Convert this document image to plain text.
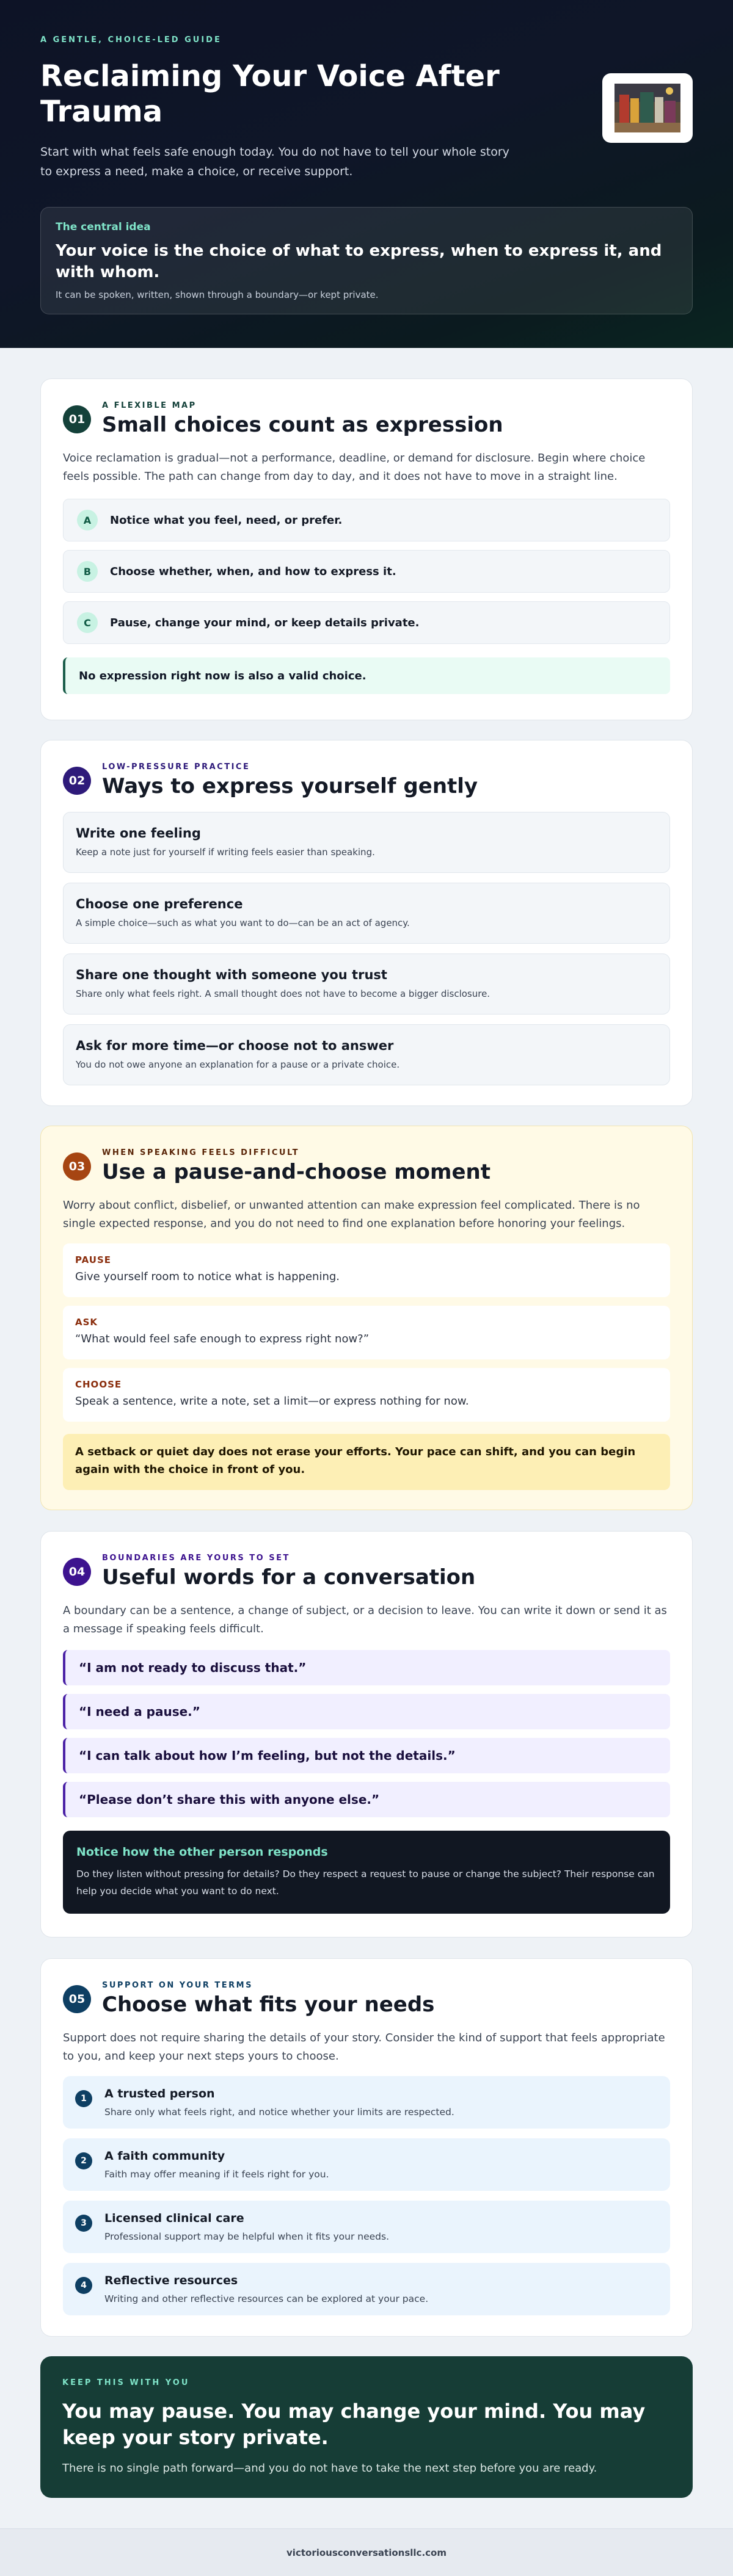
A GENTLE, CHOICE-LED GUIDE
Reclaiming Your Voice After Trauma

Start with what feels safe enough today. You do not have to tell your whole story to express a need, make a choice, or receive support.

The central idea
Your voice is the choice of what to express, when to express it, and with whom.
It can be spoken, written, shown through a boundary—or kept private.
01
A FLEXIBLE MAP
Small choices count as expression

Voice reclamation is gradual—not a performance, deadline, or demand for disclosure. Begin where choice feels possible. The path can change from day to day, and it does not have to move in a straight line.

A	Notice what you feel, need, or prefer.
B	Choose whether, when, and how to express it.
C	Pause, change your mind, or keep details private.
No expression right now is also a valid choice.
02
LOW-PRESSURE PRACTICE
Ways to express yourself gently
Write one feeling
Keep a note just for yourself if writing feels easier than speaking.
Choose one preference
A simple choice—such as what you want to do—can be an act of agency.
Share one thought with someone you trust
Share only what feels right. A small thought does not have to become a bigger disclosure.
Ask for more time—or choose not to answer
You do not owe anyone an explanation for a pause or a private choice.
03
WHEN SPEAKING FEELS DIFFICULT
Use a pause-and-choose moment

Worry about conflict, disbelief, or unwanted attention can make expression feel complicated. There is no single expected response, and you do not need to find one explanation before honoring your feelings.

PAUSE
Give yourself room to notice what is happening.
ASK
“What would feel safe enough to express right now?”
CHOOSE
Speak a sentence, write a note, set a limit—or express nothing for now.
A setback or quiet day does not erase your efforts. Your pace can shift, and you can begin again with the choice in front of you.
04
BOUNDARIES ARE YOURS TO SET
Useful words for a conversation

A boundary can be a sentence, a change of subject, or a decision to leave. You can write it down or send it as a message if speaking feels difficult.

“I am not ready to discuss that.”
“I need a pause.”
“I can talk about how I’m feeling, but not the details.”
“Please don’t share this with anyone else.”
Notice how the other person responds
Do they listen without pressing for details? Do they respect a request to pause or change the subject? Their response can help you decide what you want to do next.
05
SUPPORT ON YOUR TERMS
Choose what fits your needs

Support does not require sharing the details of your story. Consider the kind of support that feels appropriate to you, and keep your next steps yours to choose.

1	A trusted person
Share only what feels right, and notice whether your limits are respected.
2	A faith community
Faith may offer meaning if it feels right for you.
3	Licensed clinical care
Professional support may be helpful when it fits your needs.
4	Reflective resources
Writing and other reflective resources can be explored at your pace.
KEEP THIS WITH YOU
You may pause. You may change your mind. You may keep your story private.
There is no single path forward—and you do not have to take the next step before you are ready.
victoriousconversationsllc.com
